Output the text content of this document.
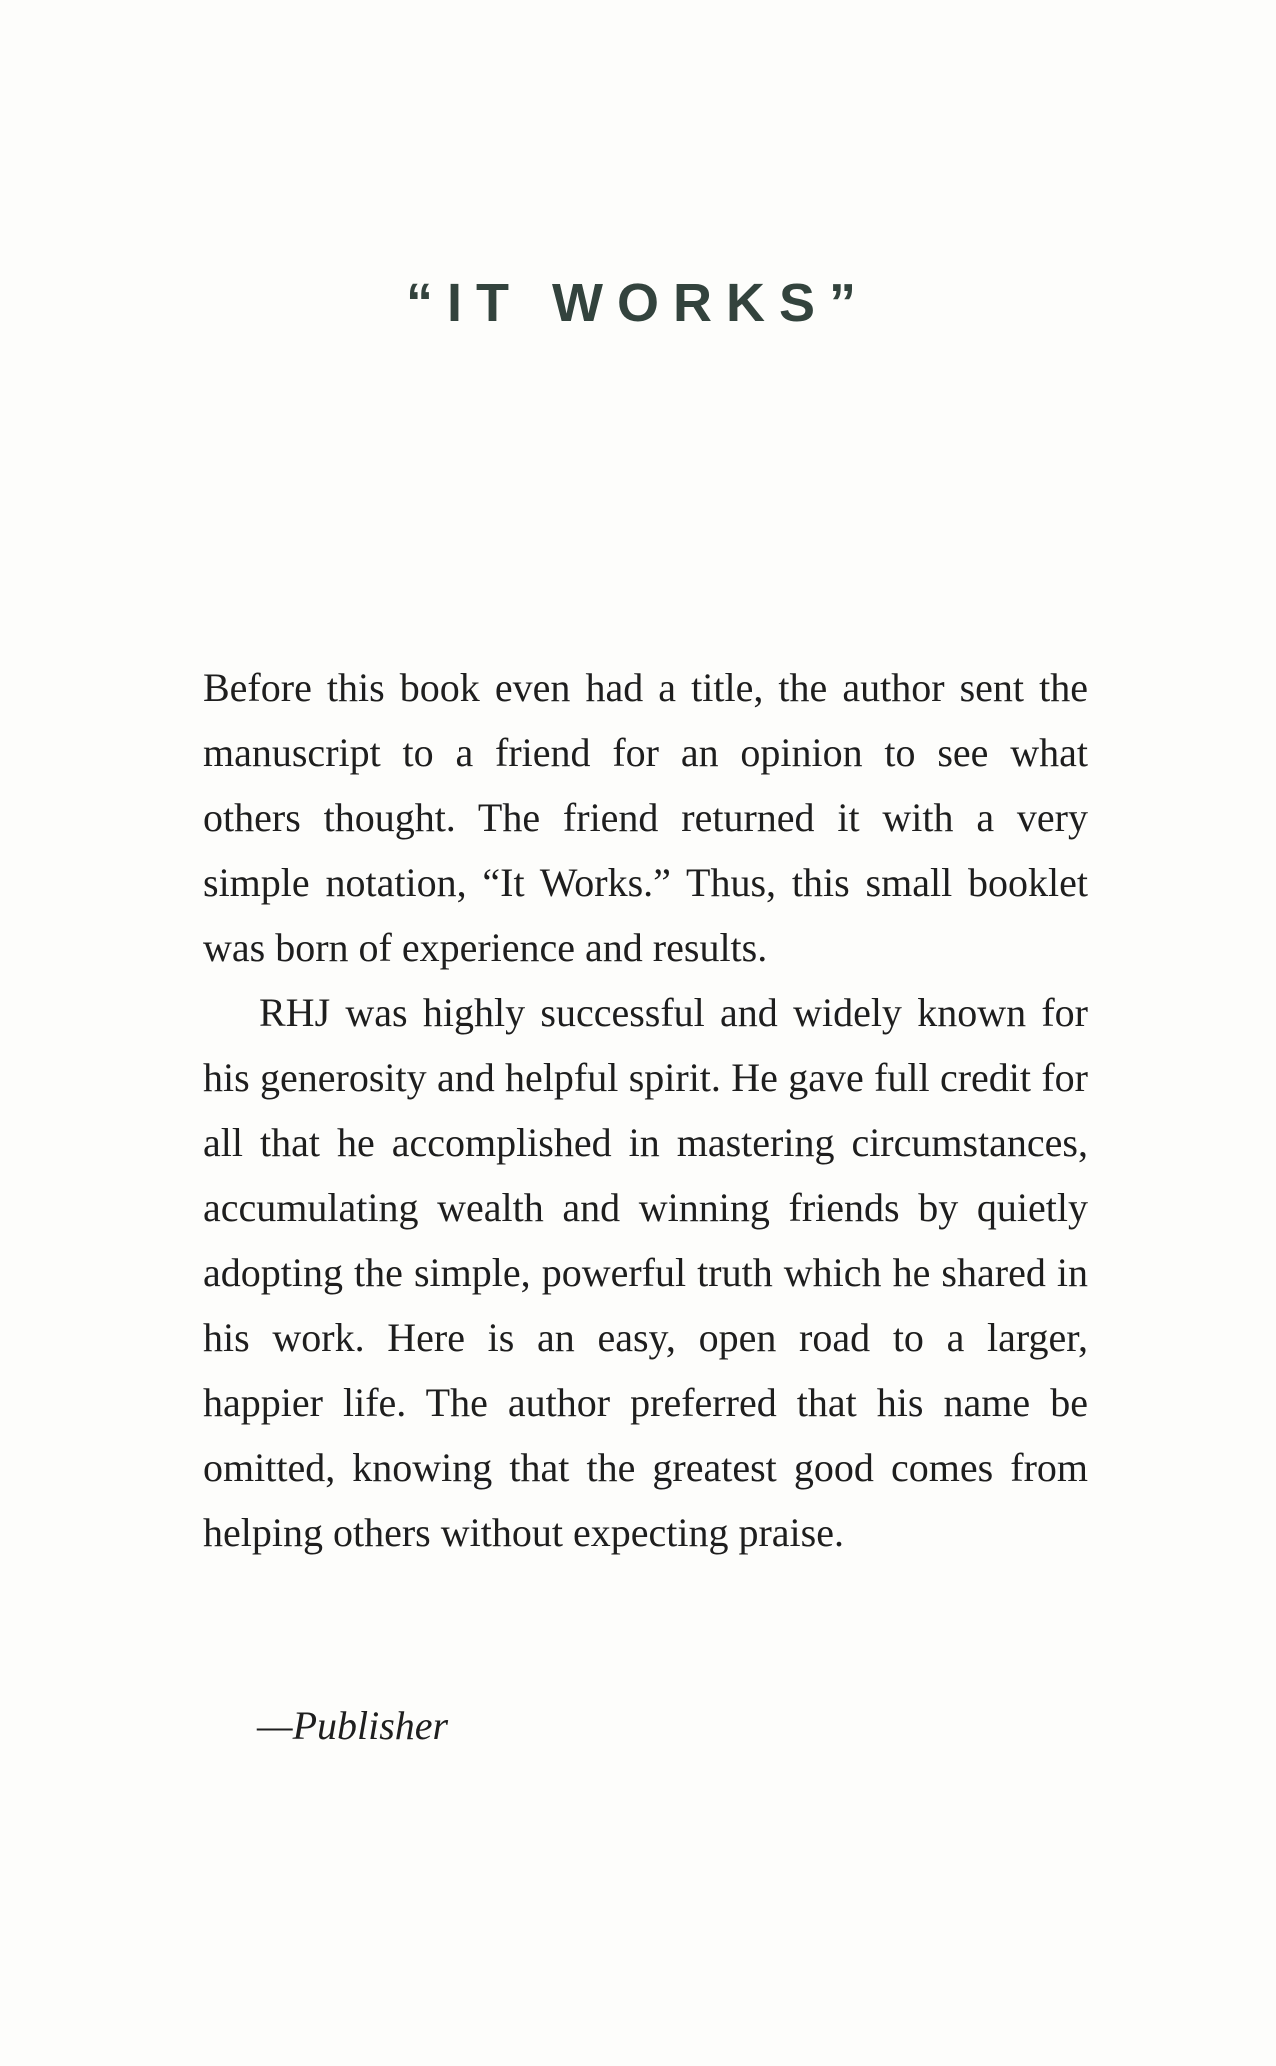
“IT WORKS”

Before this book even had a title, the author sent the manuscript to a friend for an opinion to see what others thought. The friend returned it with a very simple notation, “It Works.” Thus, this small booklet was born of experience and results.

RHJ was highly successful and widely known for his generosity and helpful spirit. He gave full credit for all that he accomplished in mastering circumstances, accumulating wealth and winning friends by quietly adopting the simple, powerful truth which he shared in his work. Here is an easy, open road to a larger, happier life. The author preferred that his name be omitted, knowing that the greatest good comes from helping others without expecting praise.

—Publisher
